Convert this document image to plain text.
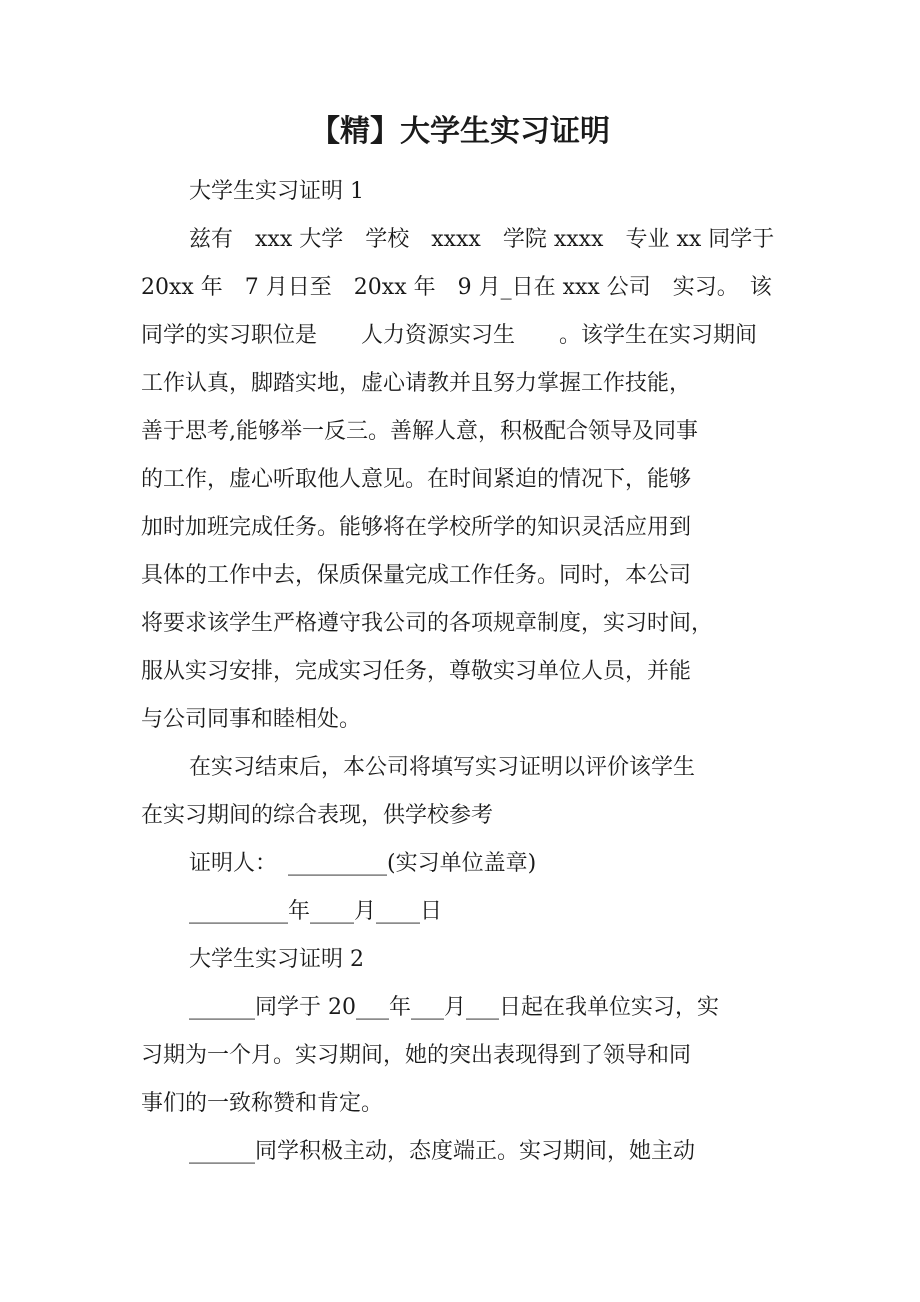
【精】大学生实习证明
大学生实习证明 1
兹有　xxx 大学　学校　xxxx　学院 xxxx　专业 xx 同学于
20xx 年　7 月日至　20xx 年　9 月_日在 xxx 公司　实习。　该
同学的实习职位是　　人力资源实习生　　。该学生在实习期间
工作认真，脚踏实地，虚心请教并且努力掌握工作技能，
善于思考,能够举一反三。善解人意，积极配合领导及同事
的工作，虚心听取他人意见。在时间紧迫的情况下，能够
加时加班完成任务。能够将在学校所学的知识灵活应用到
具体的工作中去，保质保量完成工作任务。同时，本公司
将要求该学生严格遵守我公司的各项规章制度，实习时间，
服从实习安排，完成实习任务，尊敬实习单位人员，并能
与公司同事和睦相处。
在实习结束后，本公司将填写实习证明以评价该学生
在实习期间的综合表现，供学校参考
证明人：　_________(实习单位盖章)
_________年____月____日
大学生实习证明 2
______同学于 20___年___月___日起在我单位实习，实
习期为一个月。实习期间，她的突出表现得到了领导和同
事们的一致称赞和肯定。
______同学积极主动，态度端正。实习期间，她主动
